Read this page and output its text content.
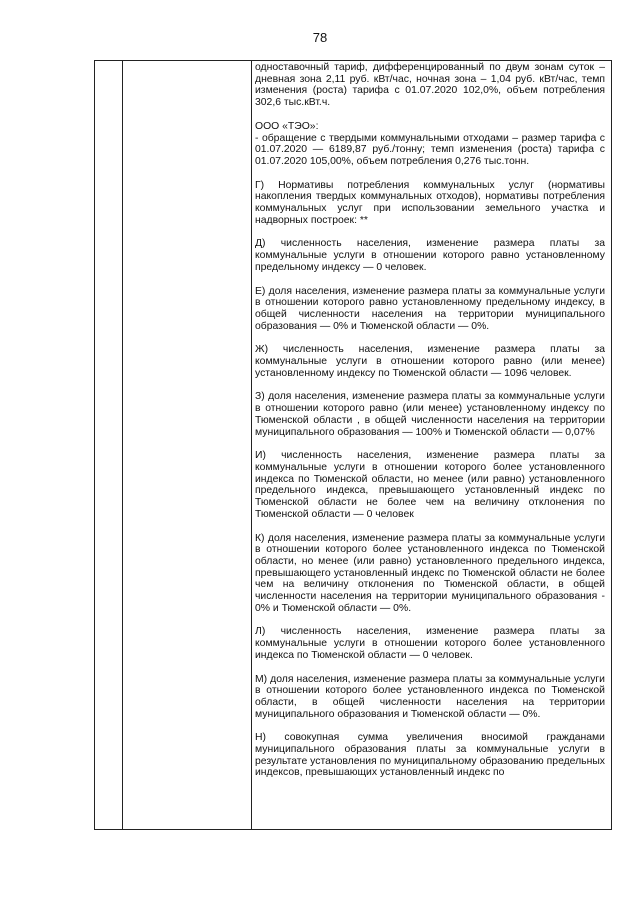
78

одноставочный тариф, дифференцированный по двум зонам суток – дневная зона 2,11 руб. кВт/час, ночная зона – 1,04 руб. кВт/час, темп изменения (роста) тарифа с 01.07.2020 102,0%, объем потребления 302,6 тыс.кВт.ч.

ООО «ТЭО»:

- обращение с твердыми коммунальными отходами – размер тарифа с 01.07.2020 — 6189,87 руб./тонну; темп изменения (роста) тарифа с 01.07.2020 105,00%, объем потребления 0,276 тыс.тонн.

Г) Нормативы потребления коммунальных услуг (нормативы накопления твердых коммунальных отходов), нормативы потребления коммунальных услуг при использовании земельного участка и надворных построек: **

Д) численность населения, изменение размера платы за коммунальные услуги в отношении которого равно установленному предельному индексу — 0 человек.

Е) доля населения, изменение размера платы за коммунальные услуги в отношении которого равно установленному предельному индексу, в общей численности населения на территории муниципального образования — 0% и Тюменской области — 0%.

Ж) численность населения, изменение размера платы за коммунальные услуги в отношении которого равно (или менее) установленному индексу по Тюменской области — 1096 человек.

З) доля населения, изменение размера платы за коммунальные услуги в отношении которого равно (или менее) установленному индексу по Тюменской области , в общей численности населения на территории муниципального образования — 100% и Тюменской области — 0,07%

И) численность населения, изменение размера платы за коммунальные услуги в отношении которого более установленного индекса по Тюменской области, но менее (или равно) установленного предельного индекса, превышающего установленный индекс по Тюменской области не более чем на величину отклонения по Тюменской области — 0 человек

К) доля населения, изменение размера платы за коммунальные услуги в отношении которого более установленного индекса по Тюменской области, но менее (или равно) установленного предельного индекса, превышающего установленный индекс по Тюменской области не более чем на величину отклонения по Тюменской области, в общей численности населения на территории муниципального образования - 0% и Тюменской области — 0%.

Л) численность населения, изменение размера платы за коммунальные услуги в отношении которого более установленного индекса по Тюменской области — 0 человек.

М) доля населения, изменение размера платы за коммунальные услуги в отношении которого более установленного индекса по Тюменской области, в общей численности населения на территории муниципального образования и Тюменской области — 0%.

Н) совокупная сумма увеличения вносимой гражданами муниципального образования платы за коммунальные услуги в результате установления по муниципальному образованию предельных индексов, превышающих установленный индекс по
